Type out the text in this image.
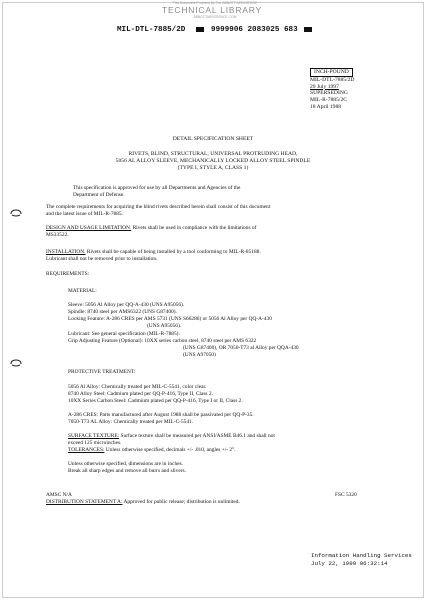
This Document Provided By The ABBOTT AEROSPACE
TECHNICAL LIBRARY
ABBOTTAEROSPACE.COM
MIL-DTL-7885/2D	9999906 2083025 683
INCH-POUND
MIL-DTL-7885/2D
29 July 1997
SUPERSEDING
MIL-R-7885/2C
18 April 1988
DETAIL SPECIFICATION SHEET
RIVETS, BLIND, STRUCTURAL, UNIVERSAL PROTRUDING HEAD,
5056 AL ALLOY SLEEVE, MECHANICALLY LOCKED ALLOY STEEL SPINDLE
(TYPE I, STYLE A, CLASS 1)
This specification is approved for use by all Departments and Agencies of the
Department of Defense.
The complete requirements for acquiring the blind rivets described herein shall consist of this document
and the latest issue of MIL-R-7885.
DESIGN AND USAGE LIMITATION. Rivets shall be used in compliance with the limitations of
MS33522.
INSTALLATION. Rivets shall be capable of being installed by a tool conforming to MIL-R-85188.
Lubricant shall not be removed prior to installation.
REQUIREMENTS:
MATERIAL:
Sleeve: 5056 Al Alloy per QQ-A-430 (UNS A95056).
Spindle: 8740 steel per AMS6322 (UNS G87400).
Locking Feature: A-286 CRES per AMS 5731 (UNS S66286) or 5056 Al Alloy per QQ-A-430
(UNS A95056).
Lubricant: See general specification (MIL-R-7885).
Grip Adjusting Feature (Optional): 10XX series carbon steel, 8740 steel per AMS 6322
(UNS G87400), OR 7050-T73 al Alloy per QQA-430
(UNS A97050)
PROTECTIVE TREATMENT:
5056 Al Alloy: Chemically treated per MIL-C-5541, color clear.
8740 Alloy Steel: Cadmium plated per QQ-P-416, Type II, Class 2.
10XX Series Carbon Steel: Cadmium plated per QQ-P-416, Type I or II, Class 2.
A-286 CRES: Parts manufactured after August 1988 shall be passivated per QQ-P-35.
7050-T73 AL Alloy: Chemically treated per MIL-C-5541.
SURFACE TEXTURE: Surface texture shall be measured per ANSI/ASME B46.1 and shall not
exceed 125 microinches.
TOLERANCES: Unless otherwise specified, decimals +/- .010, angles +/- 2°.
Unless otherwise specified, dimensions are in inches.
Break all sharp edges and remove all burrs and slivers.
AMSC N/A	FSC 5320
DISTRIBUTION STATEMENT A: Approved for public release; distribution is unlimited.
Information Handling Services
July 22, 1999 06:32:14
